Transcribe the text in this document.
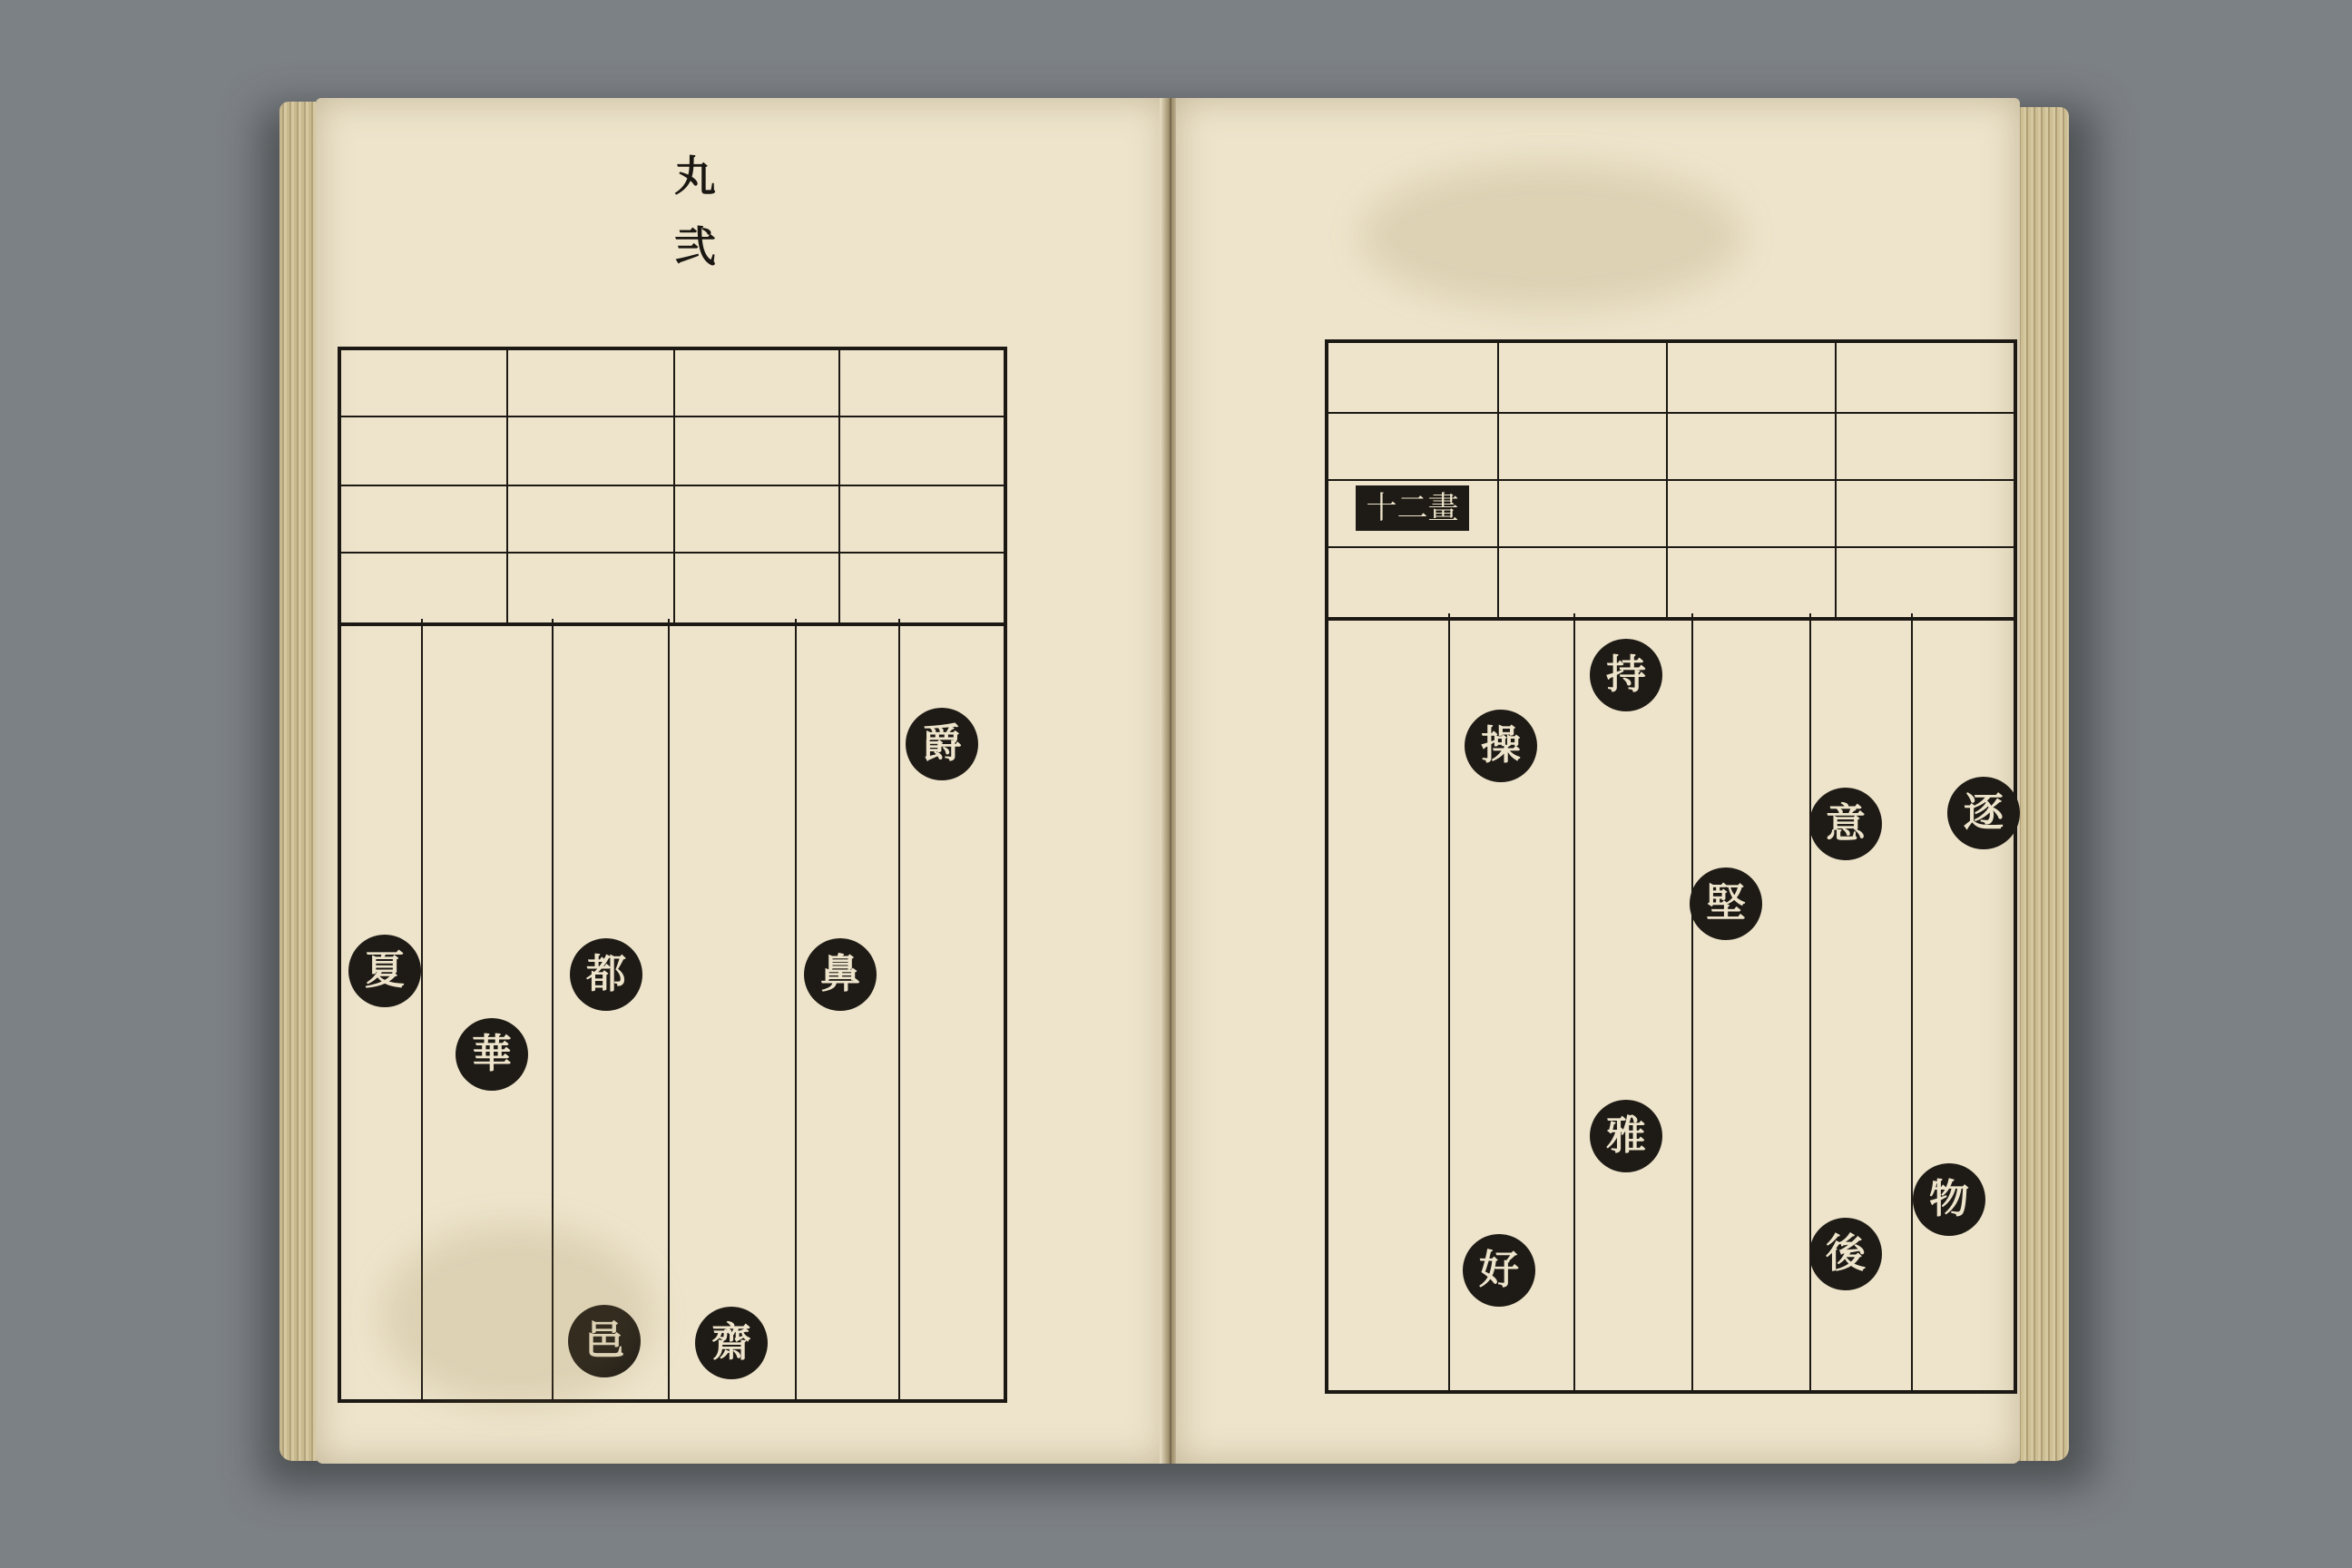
丸
弐
爵
鼻
都
夏
華
邑	齋
十二畫
逐
物
意
堅
後
持
操
雅
好
